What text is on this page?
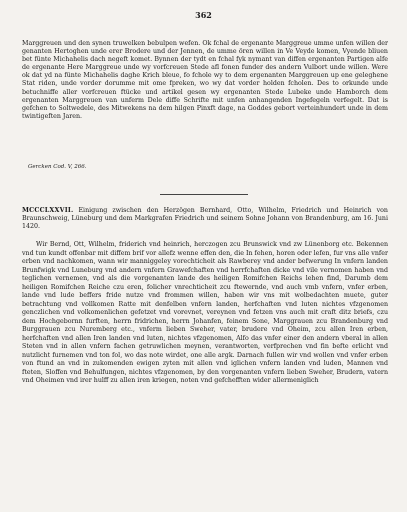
362

Marggreuen und den synen truwelken bebulpen wefen. Ok fchal de ergenante Marggreue umme unfen willen der genanten Hertoghen unde erer Brodere und der Jennen, de umme ören willen in Ve Veyde komen, Vyende bliuen bet fünte Michahelis dach negeft komet. Bynnen der tydt en fchal fyk nymant van diffen ergenanten Partigen alfe de ergenante Here Marggreue unde wy vorfcreuen Stede afl fonen funder des andern Vulbort unde willen. Were ok dat yd na fünte Michahelis daghe Krich bleue, fo fchole wy to dem ergenanten Marggreuen up ene geleghene Stat riden, unde vorder dorumme mit ome fpreken, wo wy dat vorder holden fcholen. Des to orkunde unde betuchniffe aller vorfcreuen ftücke und artikel gesen wy ergenanten Stede Lubeke unde Hamborch dem ergenanten Marggreuen van unferm Dele diffe Schrifte mit unfen anhangenden Ingefegeln verfegelt. Dat is gefchen to Soltwedele, des Mitwekens na dem hilgen Pinxft dage, na Goddes gebort verteinhundert unde in dem twintigeften Jaren.

Gercken Cod. V, 266.

MCCCLXXVII. Einigung zwischen den Herzögen Bernhard, Otto, Wilhelm, Friedrich und Heinrich von Braunschweig, Lüneburg und dem Markgrafen Friedrich und seinem Sohne Johann von Brandenburg, am 16. Juni 1420.

Wir Bernd, Ott, Wilhelm, friderich vnd heinrich, herczogen zcu Brunswick vnd zw Lünenborg etc. Bekennen vnd tun kundt offenbar mit diffem brif vor allefz wenne effen den, die In fehen, horen oder lefen, fur vns alle vnfer erben vnd nachkomen, wann wir manniggeley vorechticheit als Rawberey vnd ander befwerung In vnfern landen Brunfwigk vnd Luneburg vnd andern vnfern Grawefchaften vnd herrfchaften dicke vnd vile vernomen haben vnd teglichen vernemen, vnd als die vorgenanten lande des heiligen Romifchen Reichs lehen find, Darumb dem heiligen Romifchen Reiche czu eren, folicher vnrechticheit zcu ftewernde, vnd auch vmb vnfern, vnfer erben, lande vnd lude beffers fride nutze vnd frommen willen, haben wir vns mit wolbedachten muete, guter betrachtung vnd vollkomen Ratte mit denfelben vnfern landen, herfchaften vnd luten nichtes vfzgenomen genczlichen vnd volkomenlichen gefetzet vnd vorevnet, vereynen vnd fetzen vns auch mit craft ditz briefs, czu dem Hochgebornn furften, herrn fridrichen, herrn Johanfen, feinem Sone, Marggrauen zcu Brandenburg vnd Burggrauen zcu Nuremberg etc., vnferm lieben Sweher, vater, brudere vnd Oheim, zcu allen Iren erben, herfchaften vnd allen Iren landen vnd luten, nichtes vfzgenomen, Alfo das vnfer einer den andern vberal in allen Steten vnd in allen vnfern fachen getruwlichen meynen, verantworten, verfprechen vnd fin befte erlicht vnd nutzlicht furnemen vnd ton fol, wo das note wirdet, one alle argk. Darnach fullen wir vnd wollen vnd vnfer erben von ftund an vnd in zukomenden ewigen zyten mit allen vnd iglichen vnfern landen vnd luden, Mannen vnd fteten, Sloffen vnd Behulfungen, nichtes vfzgenomen, by den vorgenanten vnfern lieben Sweher, Brudern, vatern vnd Oheimen vnd irer hulff zu allen iren kriegen, noten vnd gefchefften wider allermeniglich
